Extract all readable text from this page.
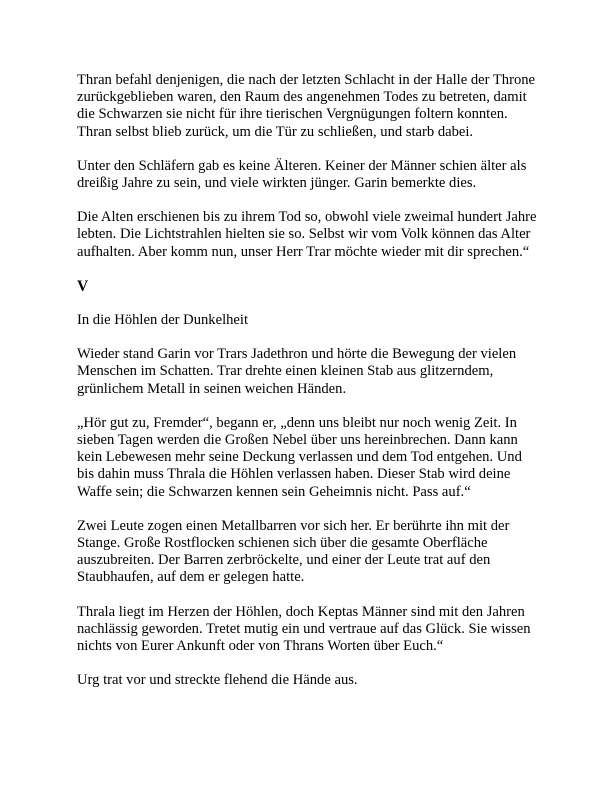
Thran befahl denjenigen, die nach der letzten Schlacht in der Halle der Throne zurückgeblieben waren, den Raum des angenehmen Todes zu betreten, damit die Schwarzen sie nicht für ihre tierischen Vergnügungen foltern konnten. Thran selbst blieb zurück, um die Tür zu schließen, und starb dabei.

Unter den Schläfern gab es keine Älteren. Keiner der Männer schien älter als dreißig Jahre zu sein, und viele wirkten jünger. Garin bemerkte dies.

Die Alten erschienen bis zu ihrem Tod so, obwohl viele zweimal hundert Jahre lebten. Die Lichtstrahlen hielten sie so. Selbst wir vom Volk können das Alter aufhalten. Aber komm nun, unser Herr Trar möchte wieder mit dir sprechen.“

V

In die Höhlen der Dunkelheit

Wieder stand Garin vor Trars Jadethron und hörte die Bewegung der vielen Menschen im Schatten. Trar drehte einen kleinen Stab aus glitzerndem, grünlichem Metall in seinen weichen Händen.

„Hör gut zu, Fremder“, begann er, „denn uns bleibt nur noch wenig Zeit. In sieben Tagen werden die Großen Nebel über uns hereinbrechen. Dann kann kein Lebewesen mehr seine Deckung verlassen und dem Tod entgehen. Und bis dahin muss Thrala die Höhlen verlassen haben. Dieser Stab wird deine Waffe sein; die Schwarzen kennen sein Geheimnis nicht. Pass auf.“

Zwei Leute zogen einen Metallbarren vor sich her. Er berührte ihn mit der Stange. Große Rostflocken schienen sich über die gesamte Oberfläche auszubreiten. Der Barren zerbröckelte, und einer der Leute trat auf den Staubhaufen, auf dem er gelegen hatte.

Thrala liegt im Herzen der Höhlen, doch Keptas Männer sind mit den Jahren nachlässig geworden. Tretet mutig ein und vertraue auf das Glück. Sie wissen nichts von Eurer Ankunft oder von Thrans Worten über Euch.“

Urg trat vor und streckte flehend die Hände aus.
